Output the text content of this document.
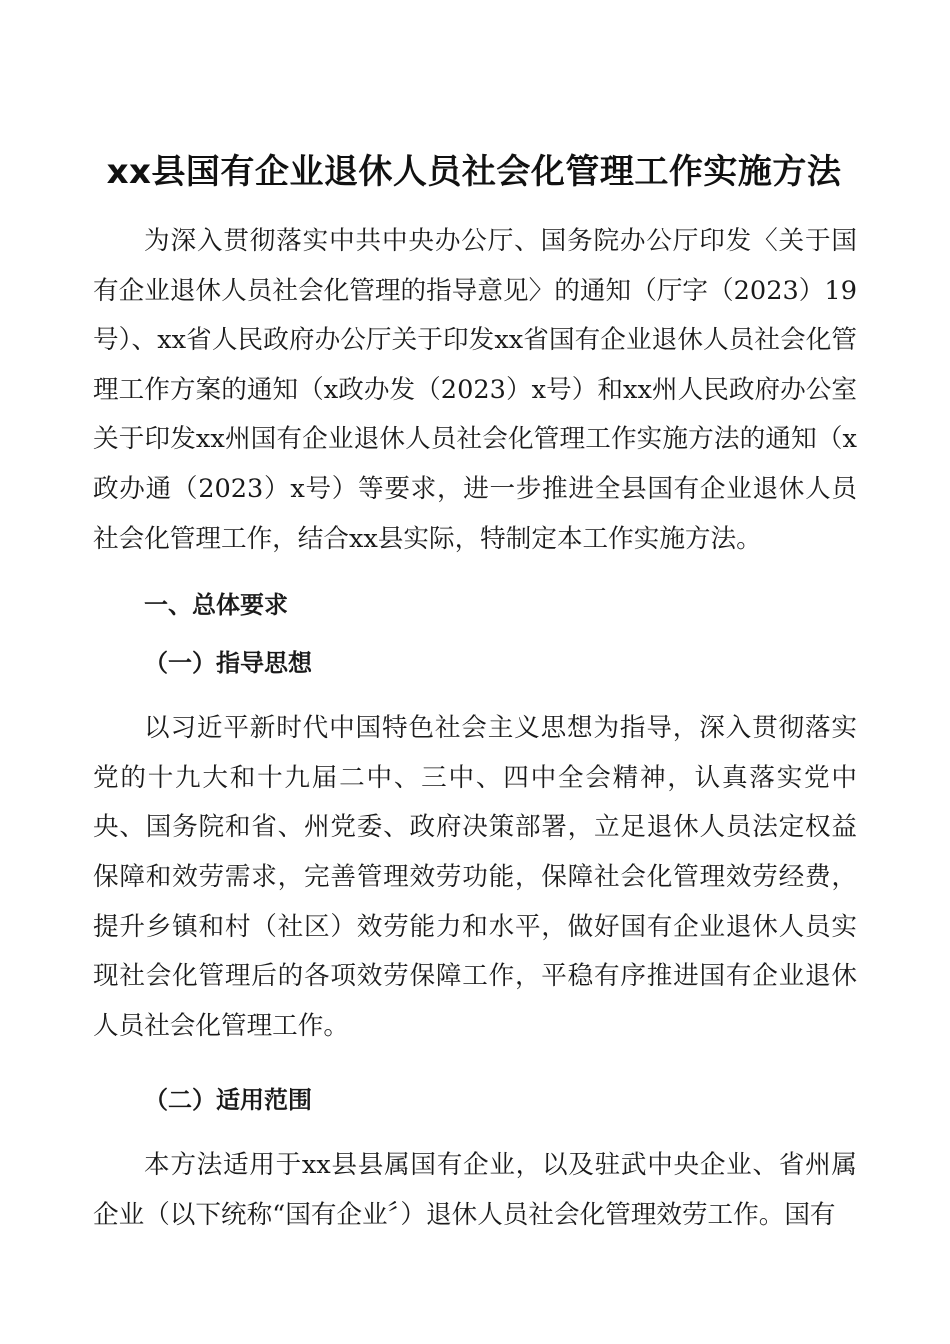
xx县国有企业退休人员社会化管理工作实施方法

为深入贯彻落实中共中央办公厅、国务院办公厅印发〈关于国有企业退休人员社会化管理的指导意见〉的通知（厅字（2023）19号）、xx省人民政府办公厅关于印发xx省国有企业退休人员社会化管理工作方案的通知（x政办发（2023）x号）和xx州人民政府办公室关于印发xx州国有企业退休人员社会化管理工作实施方法的通知（x政办通（2023）x号）等要求，进一步推进全县国有企业退休人员社会化管理工作，结合xx县实际，特制定本工作实施方法。

一、总体要求
（一）指导思想

以习近平新时代中国特色社会主义思想为指导，深入贯彻落实党的十九大和十九届二中、三中、四中全会精神，认真落实党中央、国务院和省、州党委、政府决策部署，立足退休人员法定权益保障和效劳需求，完善管理效劳功能，保障社会化管理效劳经费，提升乡镇和村（社区）效劳能力和水平，做好国有企业退休人员实现社会化管理后的各项效劳保障工作，平稳有序推进国有企业退休人员社会化管理工作。

（二）适用范围

本方法适用于xx县县属国有企业，以及驻武中央企业、省州属企业（以下统称“国有企业〞）退休人员社会化管理效劳工作。国有
